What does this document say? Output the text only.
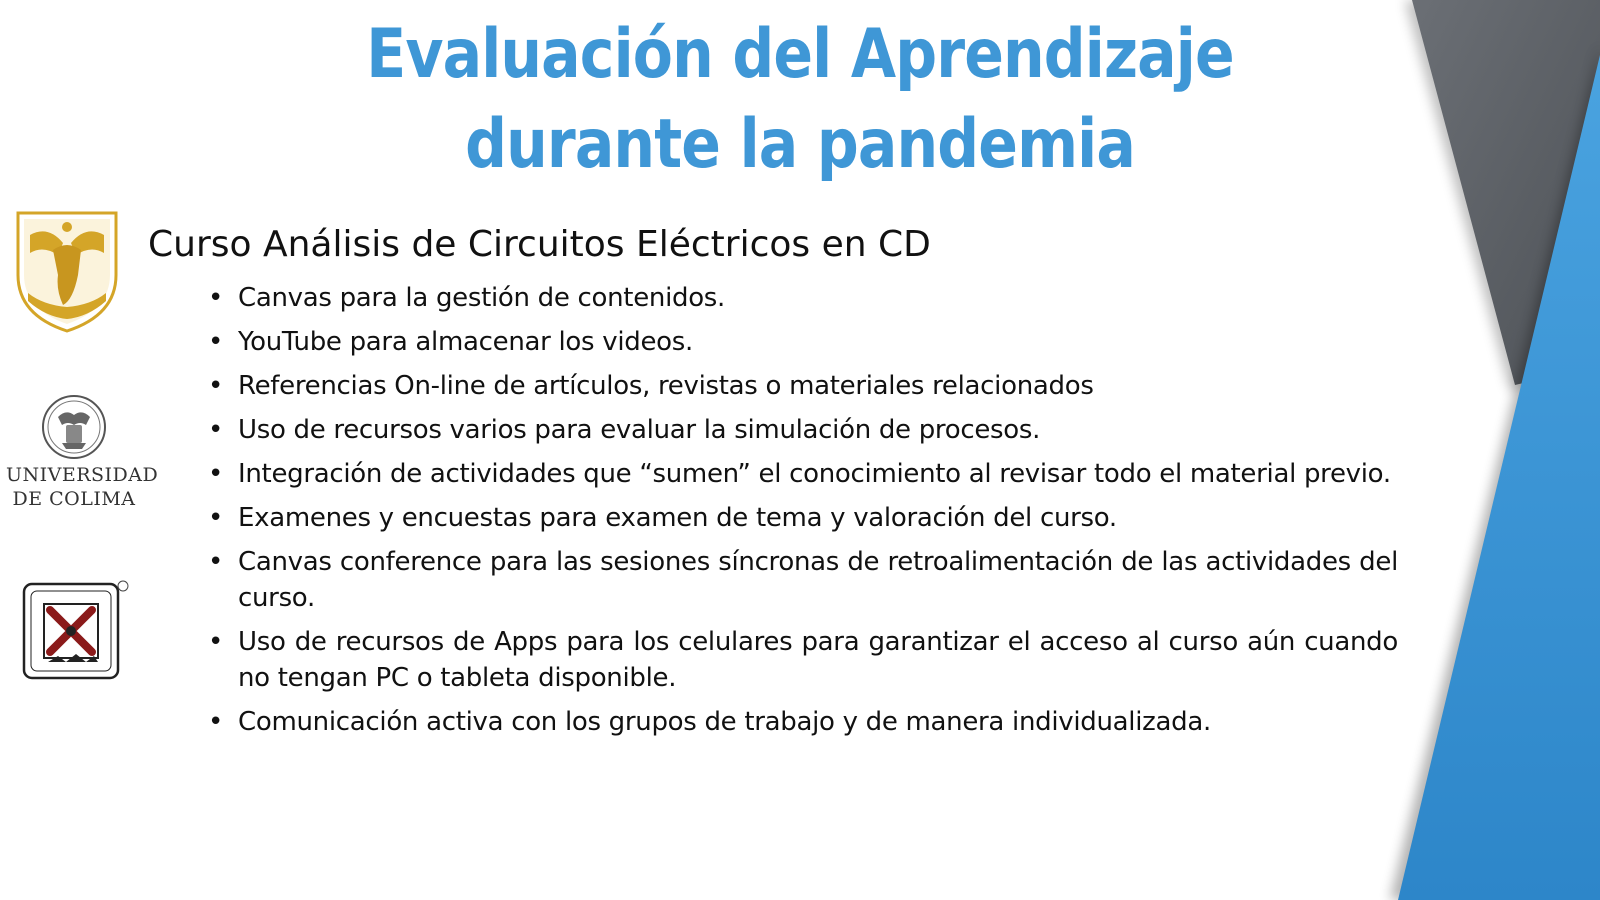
Evaluación del Aprendizaje
durante la pandemia
Curso Análisis de Circuitos Eléctricos en CD
• Canvas para la gestión de contenidos.
• YouTube para almacenar los videos.
• Referencias On-line de artículos, revistas o materiales relacionados
• Uso de recursos varios para evaluar la simulación de procesos.
• Integración de actividades que “sumen” el conocimiento al revisar todo el material previo.
• Examenes y encuestas para examen de tema y valoración del curso.
• Canvas conference para las sesiones síncronas de retroalimentación de las actividades del curso.
• Uso de recursos de Apps para los celulares para garantizar el acceso al curso aún cuando no tengan PC o tableta disponible.
• Comunicación activa con los grupos de trabajo y de manera individualizada.
UNIVERSIDAD
DE COLIMA
